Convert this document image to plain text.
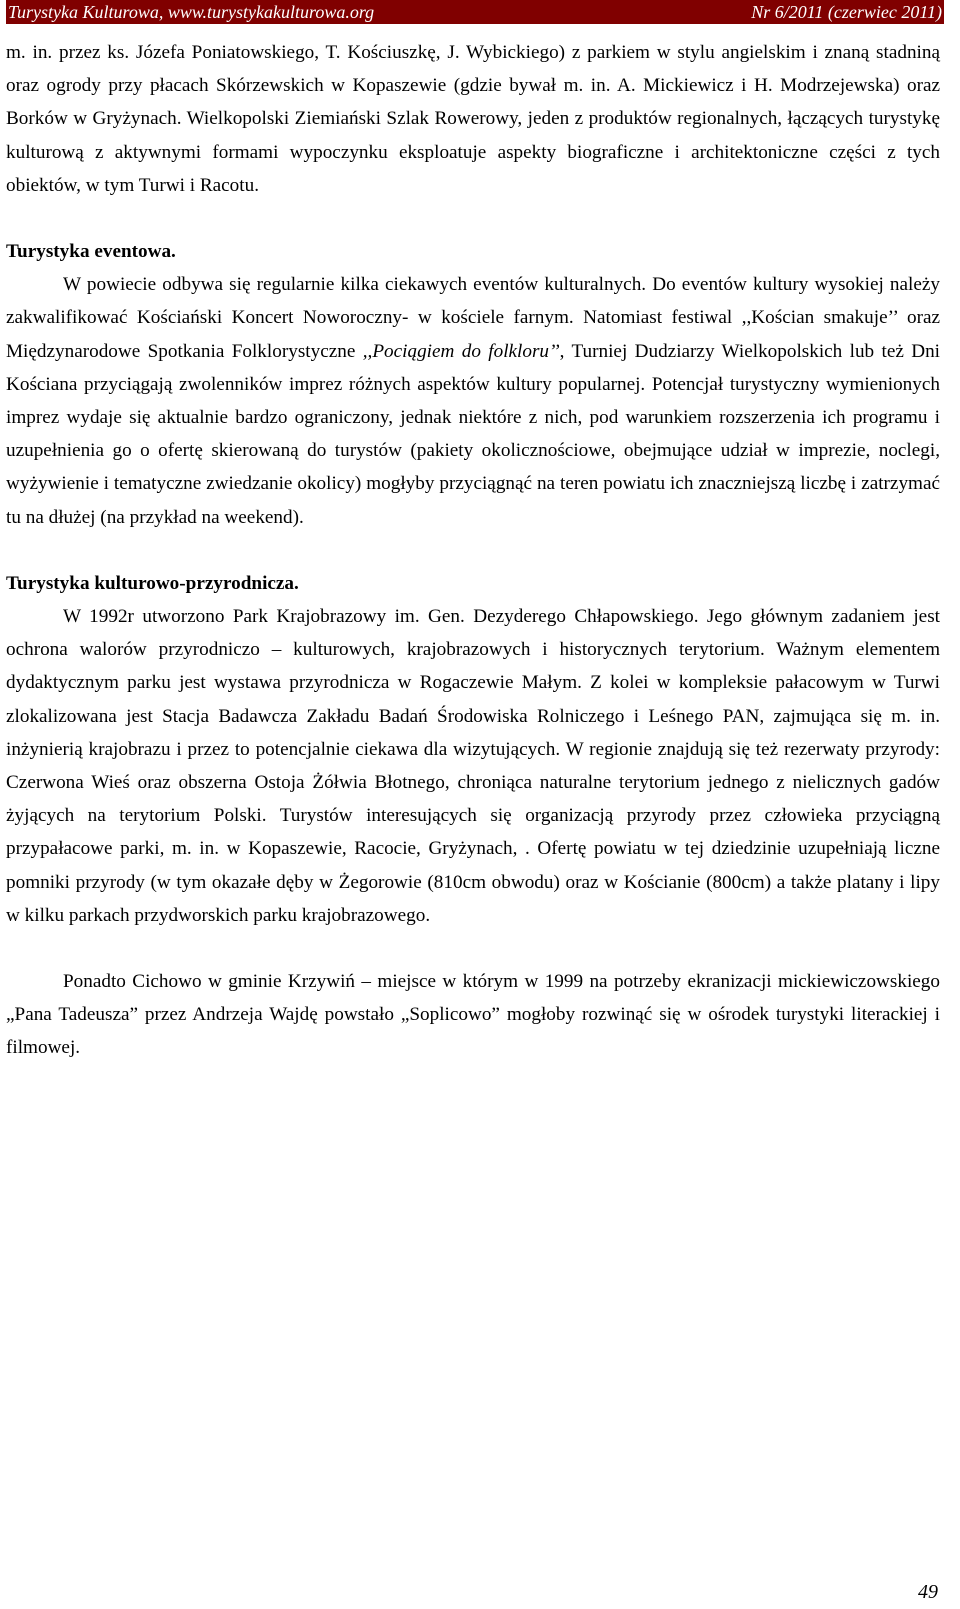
Turystyka Kulturowa, www.turystykakulturowa.org	Nr 6/2011 (czerwiec 2011)

m. in. przez ks. Józefa Poniatowskiego, T. Kościuszkę, J. Wybickiego) z parkiem w stylu angielskim i znaną stadniną oraz ogrody przy płacach Skórzewskich w Kopaszewie (gdzie bywał m. in. A. Mickiewicz i H. Modrzejewska) oraz Borków w Gryżynach. Wielkopolski Ziemiański Szlak Rowerowy, jeden z produktów regionalnych, łączących turystykę kulturową z aktywnymi formami wypoczynku eksploatuje aspekty biograficzne i architektoniczne części z tych obiektów, w tym Turwi i Racotu.

Turystyka eventowa.

W powiecie odbywa się regularnie kilka ciekawych eventów kulturalnych. Do eventów kultury wysokiej należy zakwalifikować Kościański Koncert Noworoczny- w kościele farnym. Natomiast festiwal ,,Kościan smakuje’’ oraz Międzynarodowe Spotkania Folklorystyczne ,,Pociągiem do folkloru’’, Turniej Dudziarzy Wielkopolskich lub też Dni Kościana przyciągają zwolenników imprez różnych aspektów kultury popularnej. Potencjał turystyczny wymienionych imprez wydaje się aktualnie bardzo ograniczony, jednak niektóre z nich, pod warunkiem rozszerzenia ich programu i uzupełnienia go o ofertę skierowaną do turystów (pakiety okolicznościowe, obejmujące udział w imprezie, noclegi, wyżywienie i tematyczne zwiedzanie okolicy) mogłyby przyciągnąć na teren powiatu ich znaczniejszą liczbę i zatrzymać tu na dłużej (na przykład na weekend).

Turystyka kulturowo-przyrodnicza.

W 1992r utworzono Park Krajobrazowy im. Gen. Dezyderego Chłapowskiego. Jego głównym zadaniem jest ochrona walorów przyrodniczo – kulturowych, krajobrazowych i historycznych terytorium. Ważnym elementem dydaktycznym parku jest wystawa przyrodnicza w Rogaczewie Małym. Z kolei w kompleksie pałacowym w Turwi zlokalizowana jest Stacja Badawcza Zakładu Badań Środowiska Rolniczego i Leśnego PAN, zajmująca się m. in. inżynierią krajobrazu i przez to potencjalnie ciekawa dla wizytujących. W regionie znajdują się też rezerwaty przyrody: Czerwona Wieś oraz obszerna Ostoja Żółwia Błotnego, chroniąca naturalne terytorium jednego z nielicznych gadów żyjących na terytorium Polski. Turystów interesujących się organizacją przyrody przez człowieka przyciągną przypałacowe parki, m. in. w Kopaszewie, Racocie, Gryżynach, . Ofertę powiatu w tej dziedzinie uzupełniają liczne pomniki przyrody (w tym okazałe dęby w Żegorowie (810cm obwodu) oraz w Kościanie (800cm) a także platany i lipy w kilku parkach przydworskich parku krajobrazowego.

Ponadto Cichowo w gminie Krzywiń – miejsce w którym w 1999 na potrzeby ekranizacji mickiewiczowskiego „Pana Tadeusza” przez Andrzeja Wajdę powstało „Soplicowo” mogłoby rozwinąć się w ośrodek turystyki literackiej i filmowej.

49
